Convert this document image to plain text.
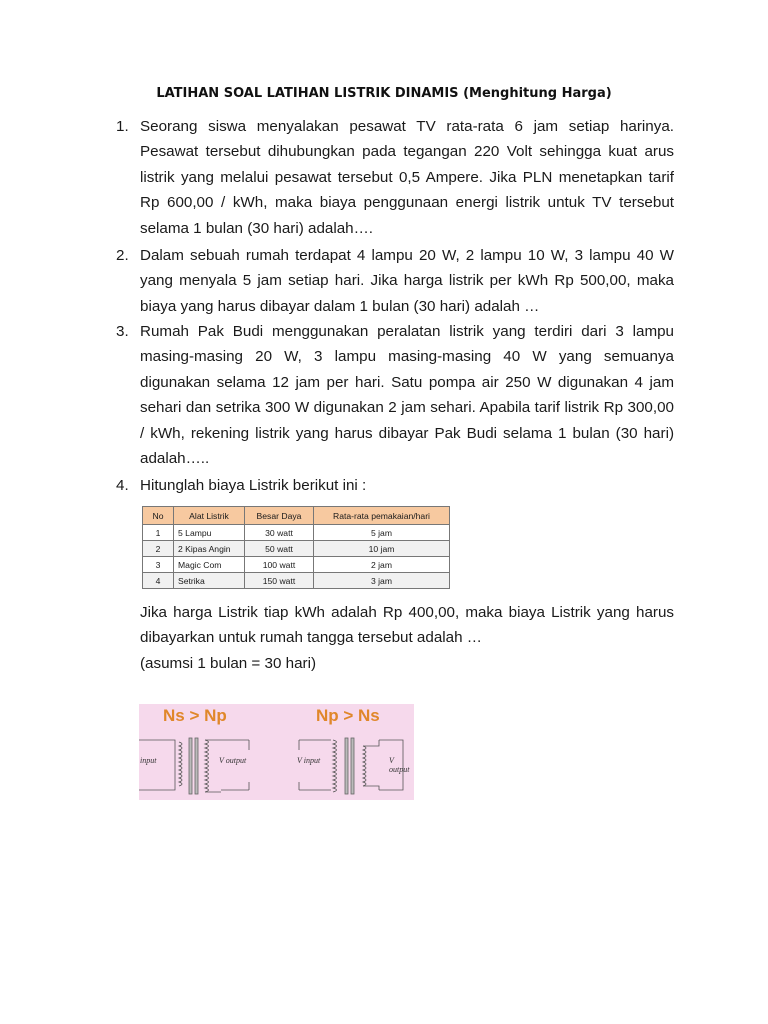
LATIHAN SOAL LATIHAN LISTRIK DINAMIS (Menghitung Harga)
1. Seorang siswa menyalakan pesawat TV rata-rata 6 jam setiap harinya. Pesawat tersebut dihubungkan pada tegangan 220 Volt sehingga kuat arus listrik yang melalui pesawat tersebut 0,5 Ampere. Jika PLN menetapkan tarif Rp 600,00 / kWh, maka biaya penggunaan energi listrik untuk TV tersebut selama 1 bulan (30 hari) adalah….
2. Dalam sebuah rumah terdapat 4 lampu 20 W, 2 lampu 10 W, 3 lampu 40 W yang menyala 5 jam setiap hari. Jika harga listrik per kWh Rp 500,00, maka biaya yang harus dibayar dalam 1 bulan (30 hari) adalah …
3. Rumah Pak Budi menggunakan peralatan listrik yang terdiri dari 3 lampu masing-masing 20 W, 3 lampu masing-masing 40 W yang semuanya digunakan selama 12 jam per hari. Satu pompa air 250 W digunakan 4 jam sehari dan setrika 300 W digunakan 2 jam sehari. Apabila tarif listrik Rp 300,00 / kWh, rekening listrik yang harus dibayar Pak Budi selama 1 bulan (30 hari) adalah…..
4. Hitunglah biaya Listrik berikut ini :
No	Alat Listrik	Besar Daya	Rata-rata pemakaian/hari
1	5 Lampu	30 watt	5 jam
2	2 Kipas Angin	50 watt	10 jam
3	Magic Com	100 watt	2 jam
4	Setrika	150 watt	3 jam
Jika harga Listrik tiap kWh adalah Rp 400,00, maka biaya Listrik yang harus dibayarkan untuk rumah tangga tersebut adalah …
(asumsi 1 bulan = 30 hari)
Ns > Np	Np > Ns
input	V output	V input	V output
